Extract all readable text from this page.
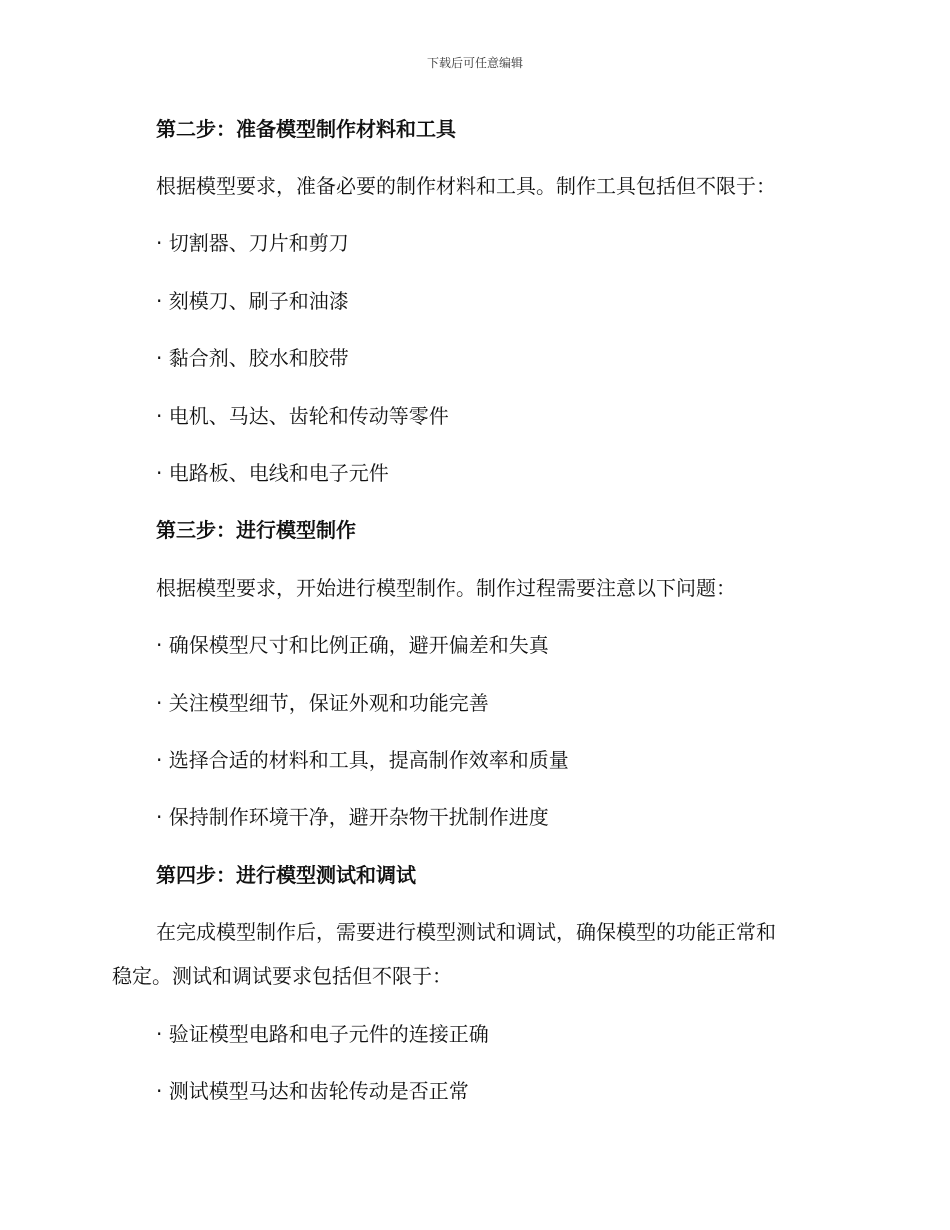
下载后可任意编辑
第二步：准备模型制作材料和工具
根据模型要求，准备必要的制作材料和工具。制作工具包括但不限于：
· 切割器、刀片和剪刀
· 刻模刀、刷子和油漆
· 黏合剂、胶水和胶带
· 电机、马达、齿轮和传动等零件
· 电路板、电线和电子元件
第三步：进行模型制作
根据模型要求，开始进行模型制作。制作过程需要注意以下问题：
· 确保模型尺寸和比例正确，避开偏差和失真
· 关注模型细节，保证外观和功能完善
· 选择合适的材料和工具，提高制作效率和质量
· 保持制作环境干净，避开杂物干扰制作进度
第四步：进行模型测试和调试
在完成模型制作后，需要进行模型测试和调试，确保模型的功能正常和
稳定。测试和调试要求包括但不限于：
· 验证模型电路和电子元件的连接正确
· 测试模型马达和齿轮传动是否正常
